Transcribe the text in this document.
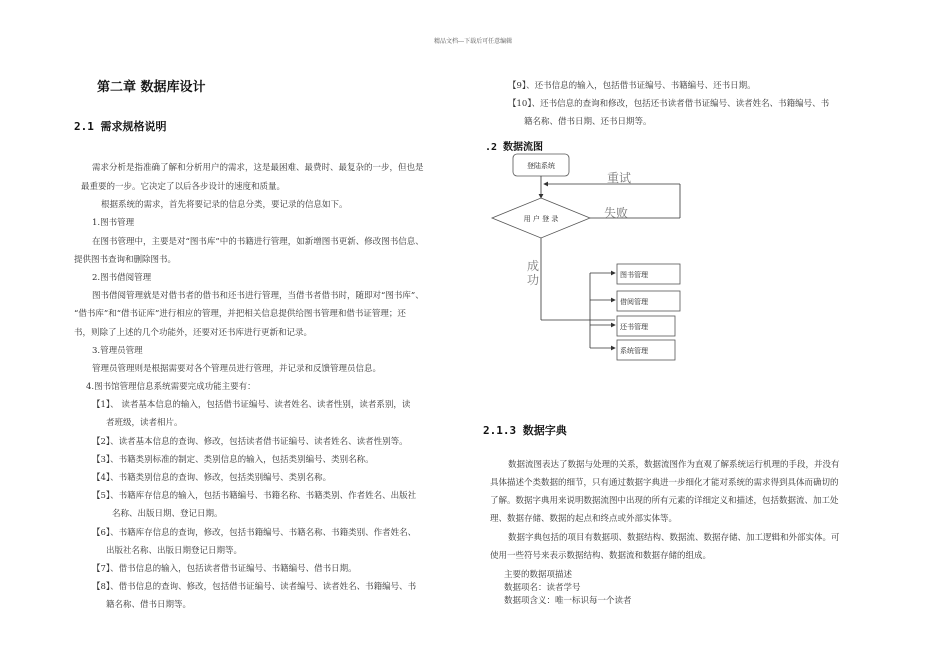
精品文档---下载后可任意编辑
第二章 数据库设计
2.1 需求规格说明
需求分析是指准确了解和分析用户的需求，这是最困难、最费时、最复杂的一步，但也是
最重要的一步。它决定了以后各步设计的速度和质量。
根据系统的需求，首先将要记录的信息分类，要记录的信息如下。
1.图书管理
在图书管理中，主要是对“图书库”中的书籍进行管理，如新增图书更新、修改图书信息、
提供图书查询和删除图书。
2.图书借阅管理
图书借阅管理就是对借书者的借书和还书进行管理，当借书者借书时，随即对“图书库”、
“借书库”和“借书证库”进行相应的管理，并把相关信息提供给图书管理和借书证管理；还
书，则除了上述的几个功能外，还要对还书库进行更新和记录。
3.管理员管理
管理员管理则是根据需要对各个管理员进行管理，并记录和反馈管理员信息。
4.图书馆管理信息系统需要完成功能主要有：
【1】、 读者基本信息的输入，包括借书证编号、读者姓名、读者性别，读者系别，读
者班级，读者相片。
【2】、读者基本信息的查询、修改，包括读者借书证编号、读者姓名、读者性别等。
【3】、书籍类别标准的制定、类别信息的输入，包括类别编号、类别名称。
【4】、书籍类别信息的查询、修改，包括类别编号、类别名称。
【5】、书籍库存信息的输入，包括书籍编号、书籍名称、书籍类别、作者姓名、出版社
名称、出版日期、登记日期。
【6】、书籍库存信息的查询，修改，包括书籍编号、书籍名称、书籍类别、作者姓名、
出版社名称、出版日期登记日期等。
【7】、借书信息的输入，包括读者借书证编号、书籍编号、借书日期。
【8】、借书信息的查询、修改，包括借书证编号、读者编号、读者姓名、书籍编号、书
籍名称、借书日期等。
【9】、还书信息的输入，包括借书证编号、书籍编号、还书日期。
【10】、还书信息的查询和修改，包括还书读者借书证编号、读者姓名、书籍编号、书
籍名称、借书日期、还书日期等。
.2 数据流图
登陆系统
重试
用 户 登 录	失败
成
功	图书管理
借阅管理
还书管理
系统管理
2.1.3 数据字典
数据流图表达了数据与处理的关系，数据流图作为直观了解系统运行机理的手段，并没有
具体描述个类数据的细节，只有通过数据字典进一步细化才能对系统的需求得到具体而确切的
了解。数据字典用来说明数据流图中出现的所有元素的详细定义和描述，包括数据流、加工处
理、数据存储、数据的起点和终点或外部实体等。
数据字典包括的项目有数据项、数据结构、数据流、数据存储、加工逻辑和外部实体。可
使用一些符号来表示数据结构、数据流和数据存储的组成。
主要的数据项描述
数据项名：读者学号
数据项含义：唯一标识每一个读者
